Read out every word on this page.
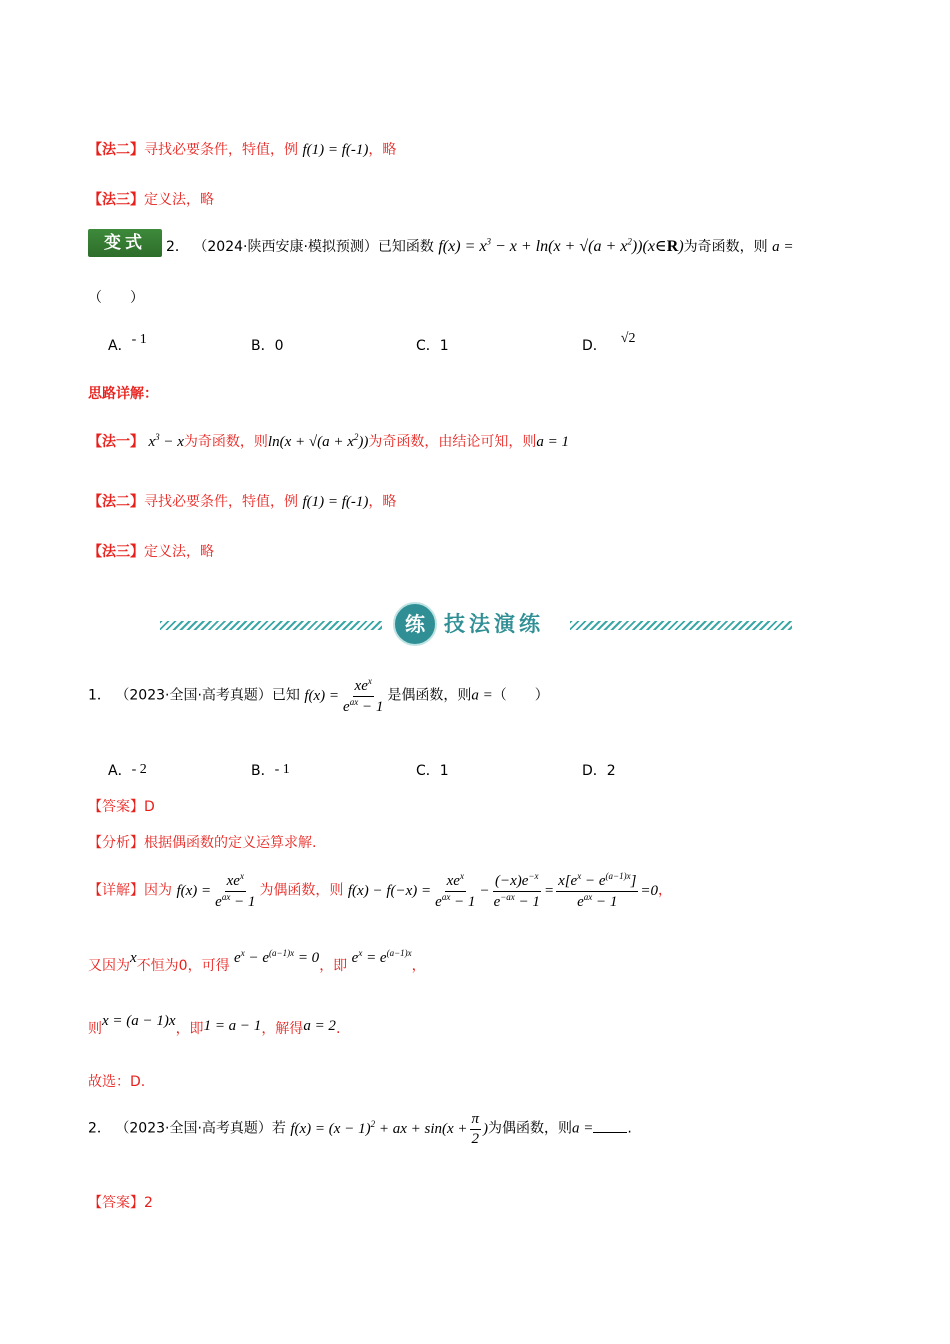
【法二】寻找必要条件，特值，例 f(1) = f(-1)，略
【法三】定义法，略
变式	2． （2024·陕西安康·模拟预测）已知函数 $f(x) = x^3 - x + \ln(x + √(a$ + $x^2))(x\in R)$为奇函数，则 a =
（　　）
A．- 1	B．0	C．1	D． √2
思路详解：
【法一】 $x^3 - x$为奇函数，则$\ln(x + √(a + x^2))$为奇函数，由结论可知，则a = 1
【法二】寻找必要条件，特值，例 f(1) = f(-1)，略
【法三】定义法，略
练 技法演练
1． （2023·全国·高考真题）已知 $f(x) = \frac{xe^x}{e^{ax} - 1}$ 是偶函数，则a =（　　）
A．- 2	B．- 1	C．1	D．2
【答案】D
【分析】根据偶函数的定义运算求解.
【详解】因为 $f(x) = \frac{xe^x}{e^{ax} - 1}$ 为偶函数，则 $f(x) - f(-x) = \frac{xe^x}{e^{ax} - 1} - \frac{(-x)e^{-x}}{e^{-ax} - 1} = \frac{x[e^x - e^{(a-1)x}]}{e^{ax} - 1} =0$，
又因为x不恒为0，可得 $e^x - e^{(a-1)x} = 0$，即 $e^x = e^{(a-1)x}$，
则x = (a − 1)x，即1 = a − 1，解得a = 2.
故选：D.
2． （2023·全国·高考真题）若 $f(x) = (x - 1)^2$ + ax + $\sin(x + \frac{\pi}{2}$ )为偶函数，则a = .
【答案】2
